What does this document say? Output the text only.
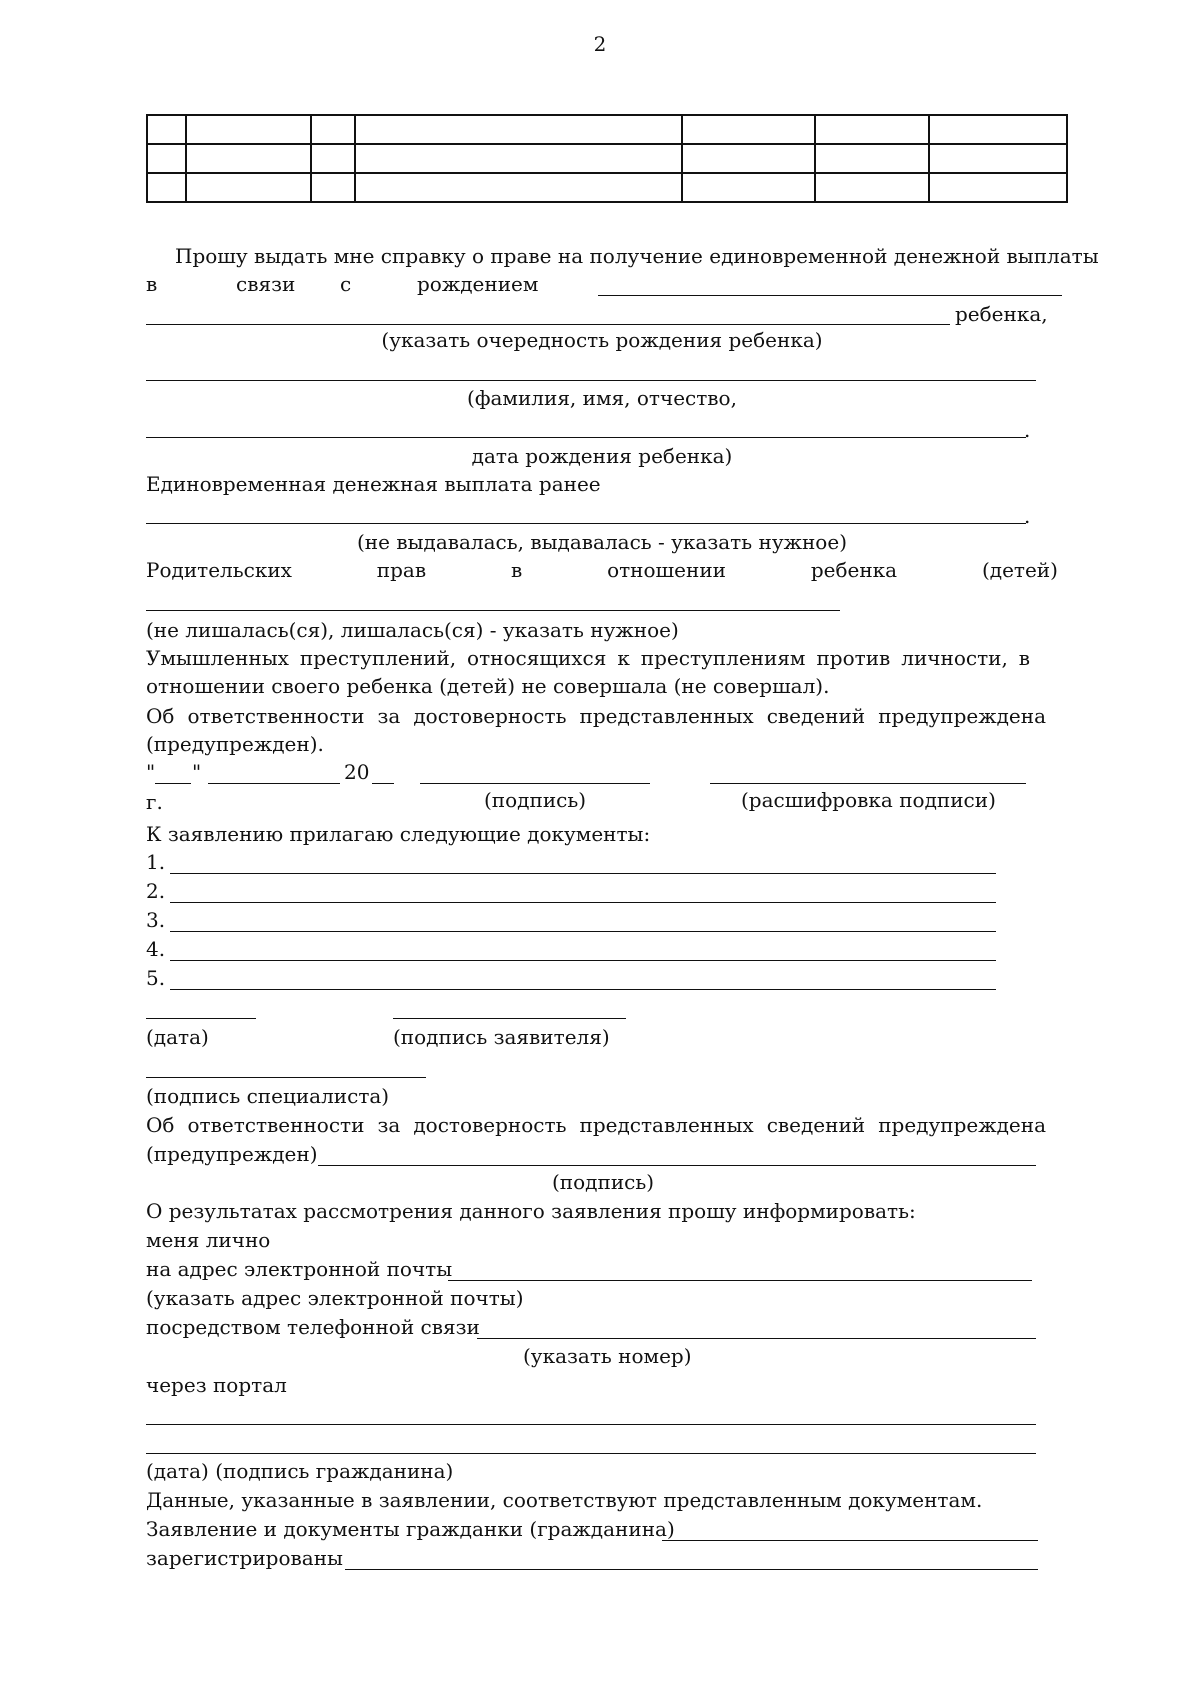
2

Прошу выдать мне справку о праве на получение единовременной денежной выплаты
в	связи с	рождением
ребенка,
(указать очередность рождения ребенка)
(фамилия, имя, отчество,
.
дата рождения ребенка)
Единовременная денежная выплата ранее
.
(не выдавалась, выдавалась - указать нужное)
Родительских	прав	в	отношении	ребенка	(детей)
(не лишалась(ся), лишалась(ся) - указать нужное)
Умышленных преступлений, относящихся к преступлениям против личности, в
отношении своего ребенка (детей) не совершала (не совершал).
Об ответственности за достоверность представленных сведений предупреждена
(предупрежден).
" "	20
г.	(подпись)	(расшифровка подписи)
К заявлению прилагаю следующие документы:
1.
2.
3.
4.
5.
(дата)	(подпись заявителя)
(подпись специалиста)
Об ответственности за достоверность представленных сведений предупреждена
(предупрежден)
(подпись)
О результатах рассмотрения данного заявления прошу информировать:
меня лично
на адрес электронной почты
(указать адрес электронной почты)
посредством телефонной связи
(указать номер)
через портал
(дата) (подпись гражданина)
Данные, указанные в заявлении, соответствуют представленным документам.
Заявление и документы гражданки (гражданина)
зарегистрированы
